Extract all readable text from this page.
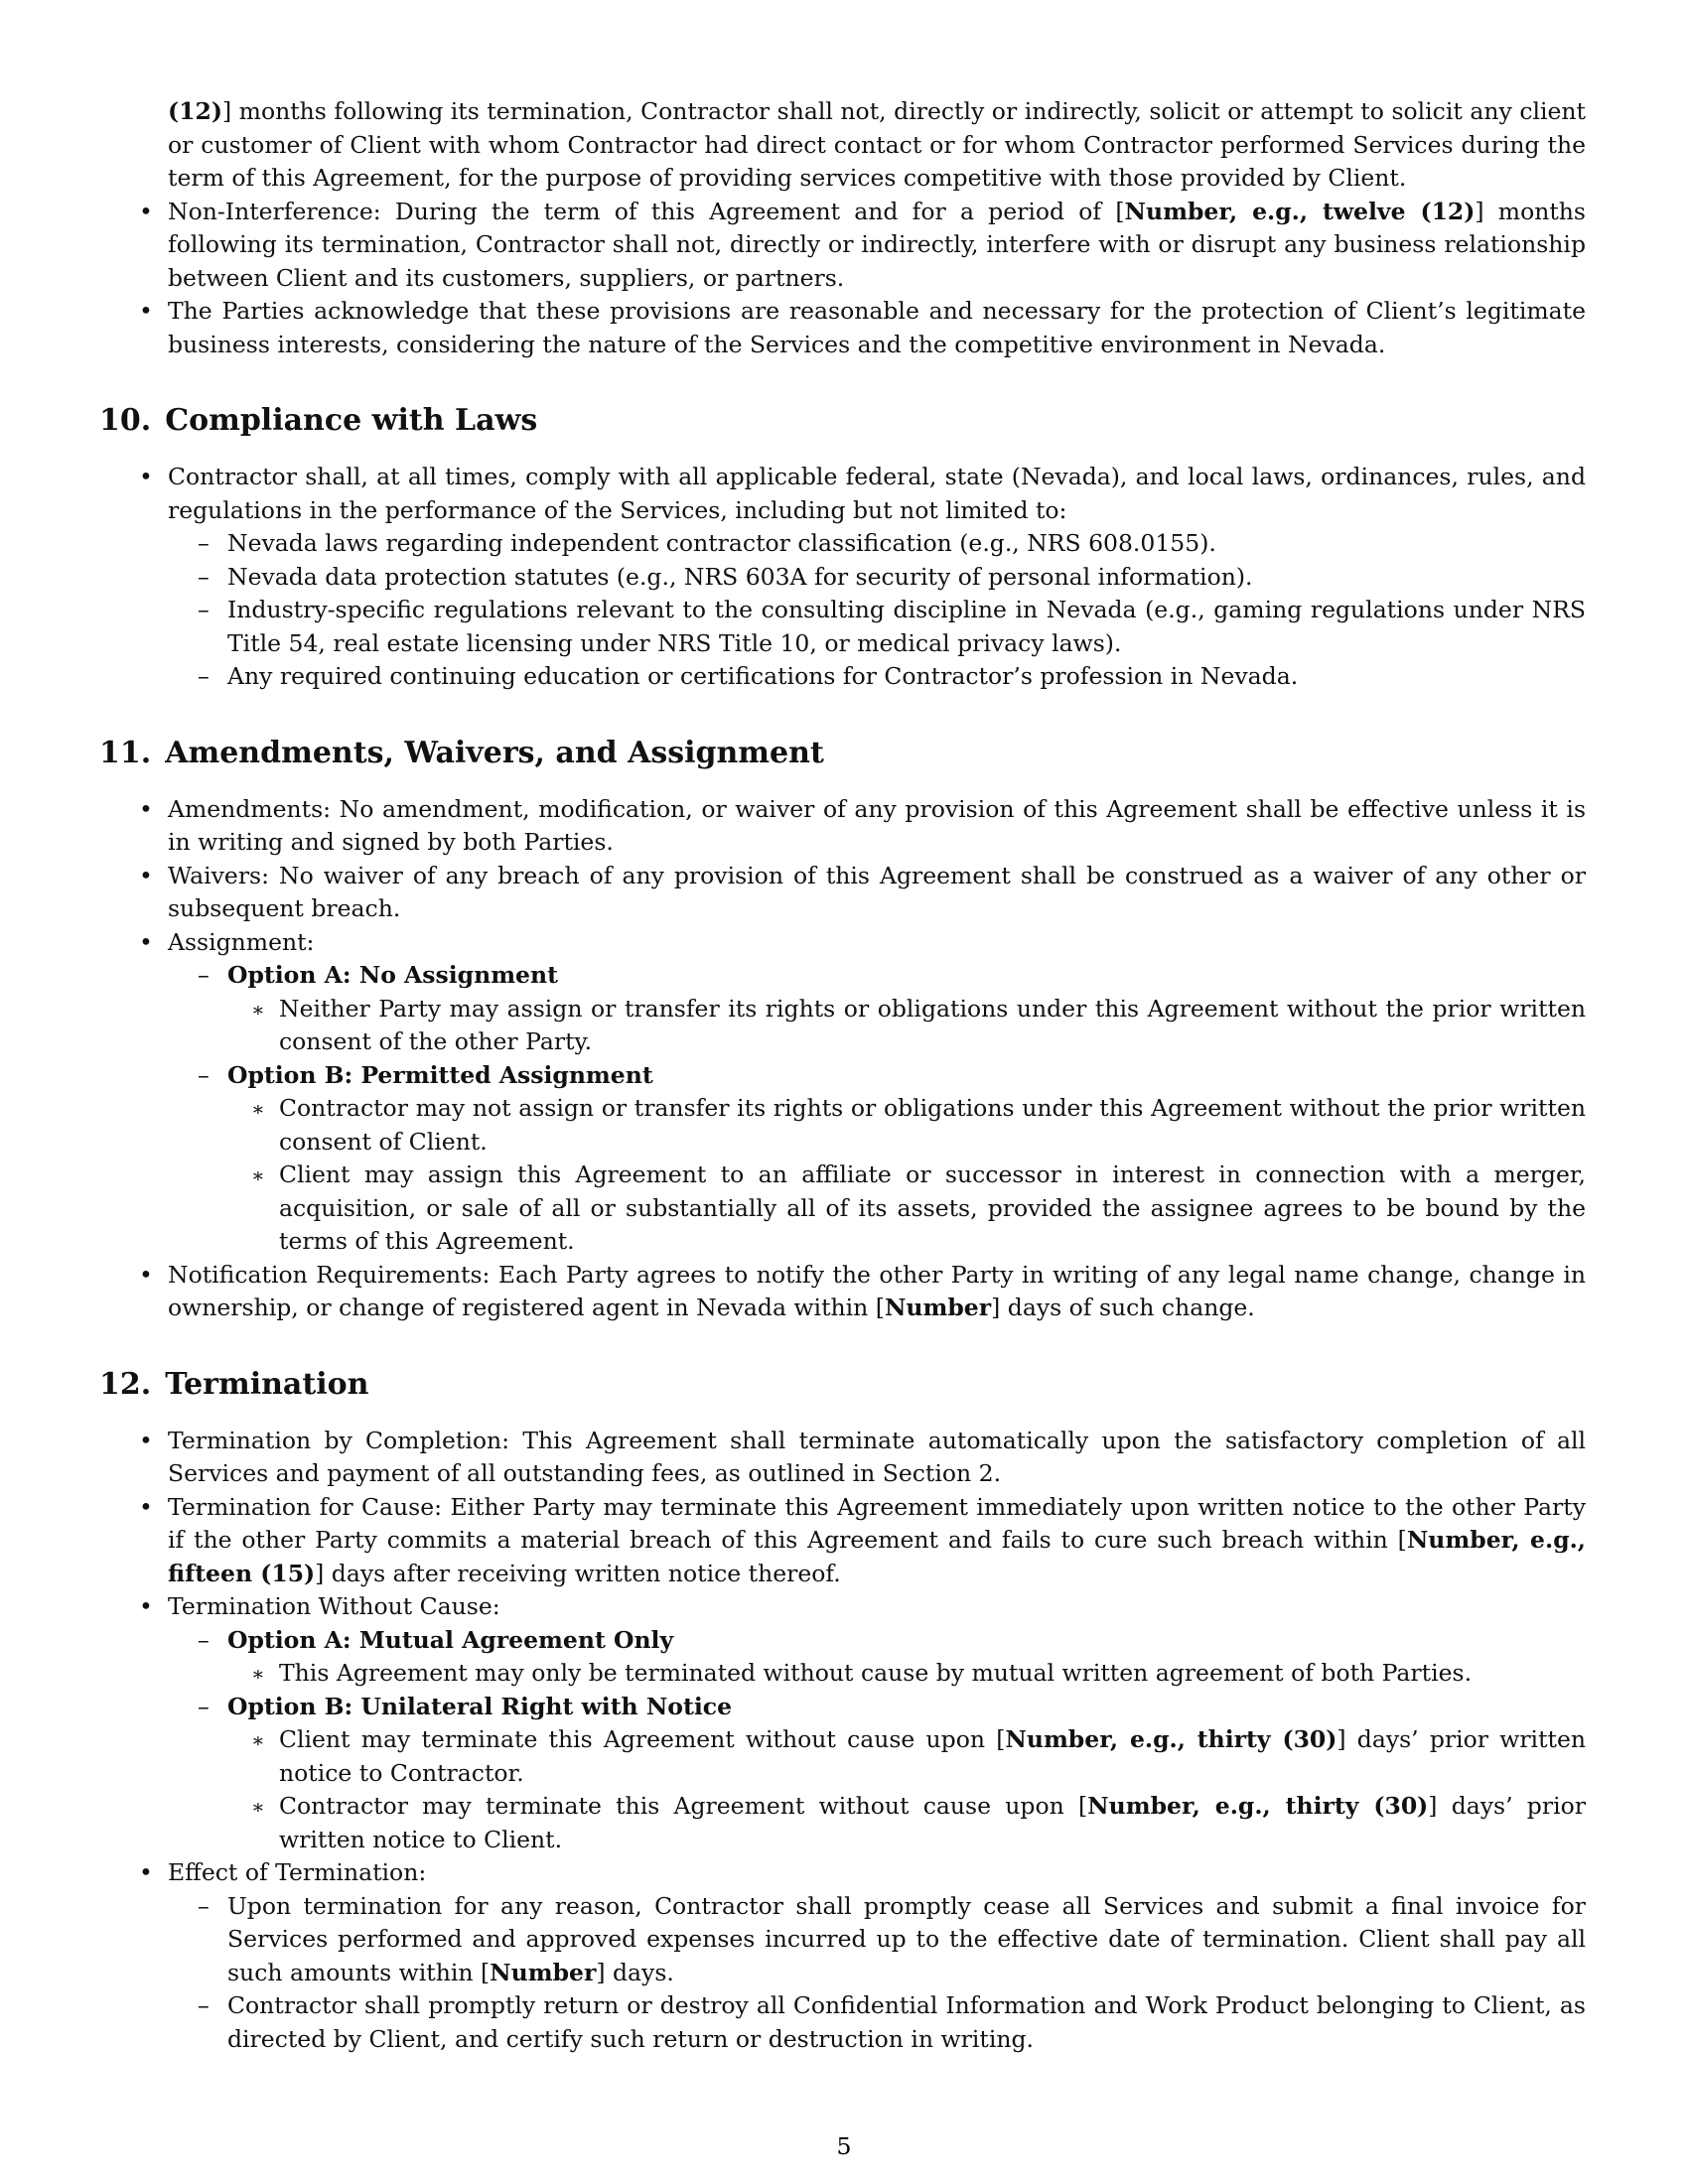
(12)] months following its termination, Contractor shall not, directly or indirectly, solicit or attempt to solicit any client or customer of Client with whom Contractor had direct contact or for whom Contractor performed Services during the term of this Agreement, for the purpose of providing services competitive with those provided by Client.
• Non-Interference: During the term of this Agreement and for a period of [Number, e.g., twelve (12)] months following its termination, Contractor shall not, directly or indirectly, interfere with or disrupt any business relationship between Client and its customers, suppliers, or partners.
• The Parties acknowledge that these provisions are reasonable and necessary for the protection of Client’s legitimate business interests, considering the nature of the Services and the competitive environment in Nevada.
10. Compliance with Laws
• Contractor shall, at all times, comply with all applicable federal, state (Nevada), and local laws, ordinances, rules, and regulations in the performance of the Services, including but not limited to:
– Nevada laws regarding independent contractor classification (e.g., NRS 608.0155).
– Nevada data protection statutes (e.g., NRS 603A for security of personal information).
– Industry-specific regulations relevant to the consulting discipline in Nevada (e.g., gaming regulations under NRS Title 54, real estate licensing under NRS Title 10, or medical privacy laws).
– Any required continuing education or certifications for Contractor’s profession in Nevada.
11. Amendments, Waivers, and Assignment
• Amendments: No amendment, modification, or waiver of any provision of this Agreement shall be effective unless it is in writing and signed by both Parties.
• Waivers: No waiver of any breach of any provision of this Agreement shall be construed as a waiver of any other or subsequent breach.
• Assignment:
– Option A: No Assignment
∗ Neither Party may assign or transfer its rights or obligations under this Agreement without the prior written consent of the other Party.
– Option B: Permitted Assignment
∗ Contractor may not assign or transfer its rights or obligations under this Agreement without the prior written consent of Client.
∗ Client may assign this Agreement to an affiliate or successor in interest in connection with a merger, acquisition, or sale of all or substantially all of its assets, provided the assignee agrees to be bound by the terms of this Agreement.
• Notification Requirements: Each Party agrees to notify the other Party in writing of any legal name change, change in ownership, or change of registered agent in Nevada within [Number] days of such change.
12. Termination
• Termination by Completion: This Agreement shall terminate automatically upon the satisfactory completion of all Services and payment of all outstanding fees, as outlined in Section 2.
• Termination for Cause: Either Party may terminate this Agreement immediately upon written notice to the other Party if the other Party commits a material breach of this Agreement and fails to cure such breach within [Number, e.g., fifteen (15)] days after receiving written notice thereof.
• Termination Without Cause:
– Option A: Mutual Agreement Only
∗ This Agreement may only be terminated without cause by mutual written agreement of both Parties.
– Option B: Unilateral Right with Notice
∗ Client may terminate this Agreement without cause upon [Number, e.g., thirty (30)] days’ prior written notice to Contractor.
∗ Contractor may terminate this Agreement without cause upon [Number, e.g., thirty (30)] days’ prior written notice to Client.
• Effect of Termination:
– Upon termination for any reason, Contractor shall promptly cease all Services and submit a final invoice for Services performed and approved expenses incurred up to the effective date of termination. Client shall pay all such amounts within [Number] days.
– Contractor shall promptly return or destroy all Confidential Information and Work Product belonging to Client, as directed by Client, and certify such return or destruction in writing.
5
